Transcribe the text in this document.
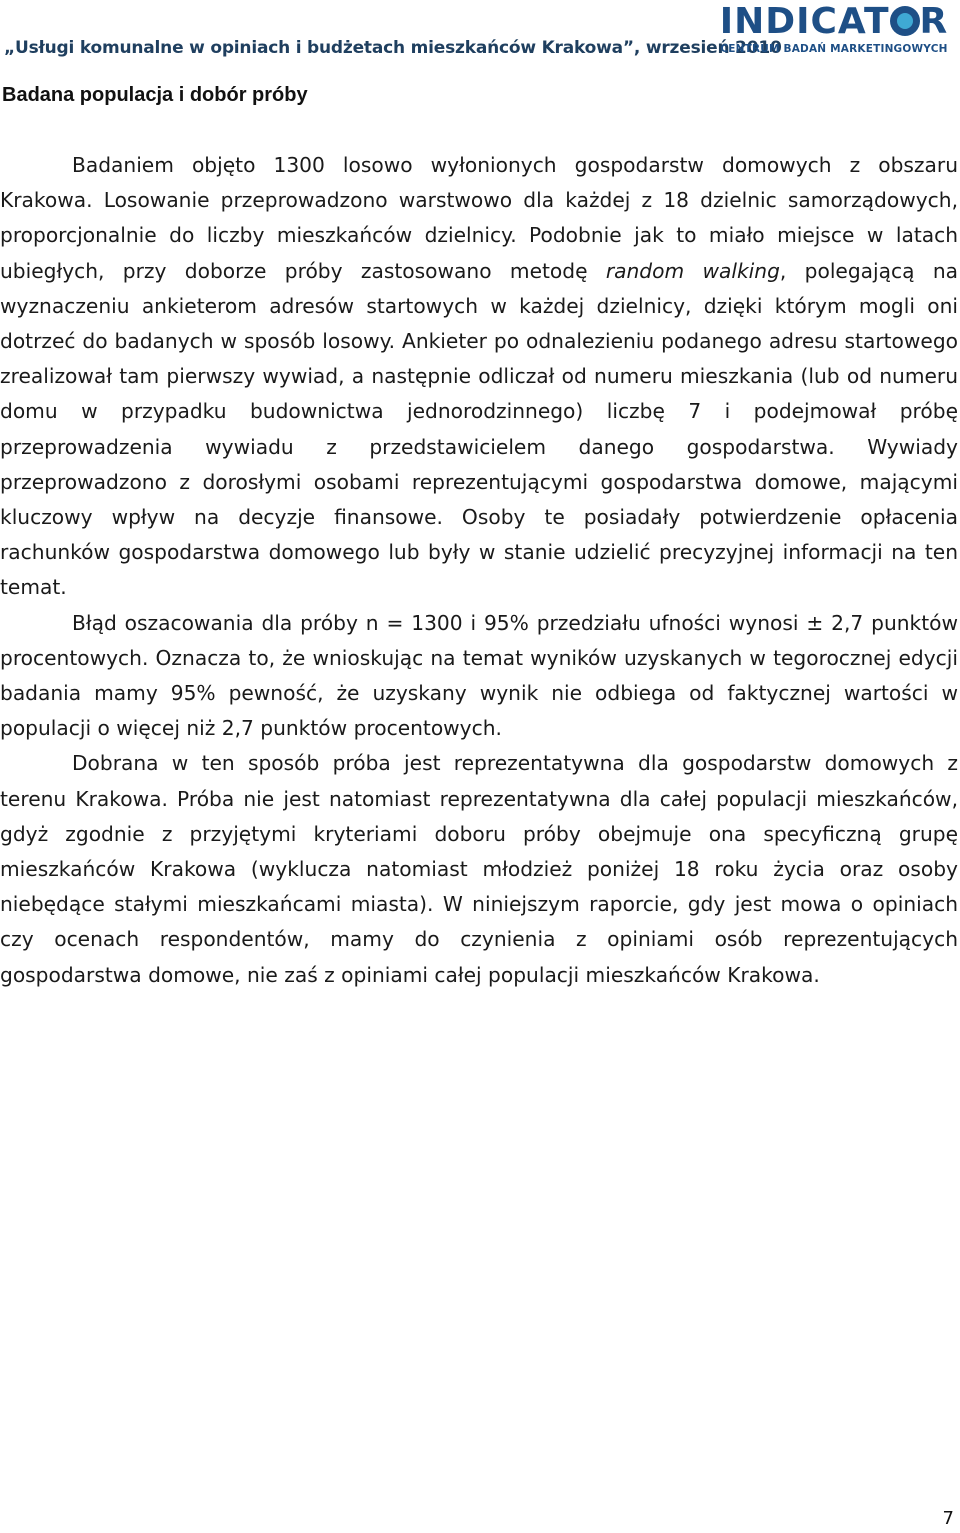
„Usługi komunalne w opiniach i budżetach mieszkańców Krakowa”, wrzesień 2010
INDICAT R
CENTRUM BADAŃ MARKETINGOWYCH
Badana populacja i dobór próby

Badaniem objęto 1300 losowo wyłonionych gospodarstw domowych z obszaru Krakowa. Losowanie przeprowadzono warstwowo dla każdej z 18 dzielnic samorządowych, proporcjonalnie do liczby mieszkańców dzielnicy. Podobnie jak to miało miejsce w latach ubiegłych, przy doborze próby zastosowano metodę random walking, polegającą na wyznaczeniu ankieterom adresów startowych w każdej dzielnicy, dzięki którym mogli oni dotrzeć do badanych w sposób losowy. Ankieter po odnalezieniu podanego adresu startowego zrealizował tam pierwszy wywiad, a następnie odliczał od numeru mieszkania (lub od numeru domu w przypadku budownictwa jednorodzinnego) liczbę 7 i podejmował próbę przeprowadzenia wywiadu z przedstawicielem danego gospodarstwa. Wywiady przeprowadzono z dorosłymi osobami reprezentującymi gospodarstwa domowe, mającymi kluczowy wpływ na decyzje finansowe. Osoby te posiadały potwierdzenie opłacenia rachunków gospodarstwa domowego lub były w stanie udzielić precyzyjnej informacji na ten temat.

Błąd oszacowania dla próby n = 1300 i 95% przedziału ufności wynosi ± 2,7 punktów procentowych. Oznacza to, że wnioskując na temat wyników uzyskanych w tegorocznej edycji badania mamy 95% pewność, że uzyskany wynik nie odbiega od faktycznej wartości w populacji o więcej niż 2,7 punktów procentowych.

Dobrana w ten sposób próba jest reprezentatywna dla gospodarstw domowych z terenu Krakowa. Próba nie jest natomiast reprezentatywna dla całej populacji mieszkańców, gdyż zgodnie z przyjętymi kryteriami doboru próby obejmuje ona specyficzną grupę mieszkańców Krakowa (wyklucza natomiast młodzież poniżej 18 roku życia oraz osoby niebędące stałymi mieszkańcami miasta). W niniejszym raporcie, gdy jest mowa o opiniach czy ocenach respondentów, mamy do czynienia z opiniami osób reprezentujących gospodarstwa domowe, nie zaś z opiniami całej populacji mieszkańców Krakowa.

7
